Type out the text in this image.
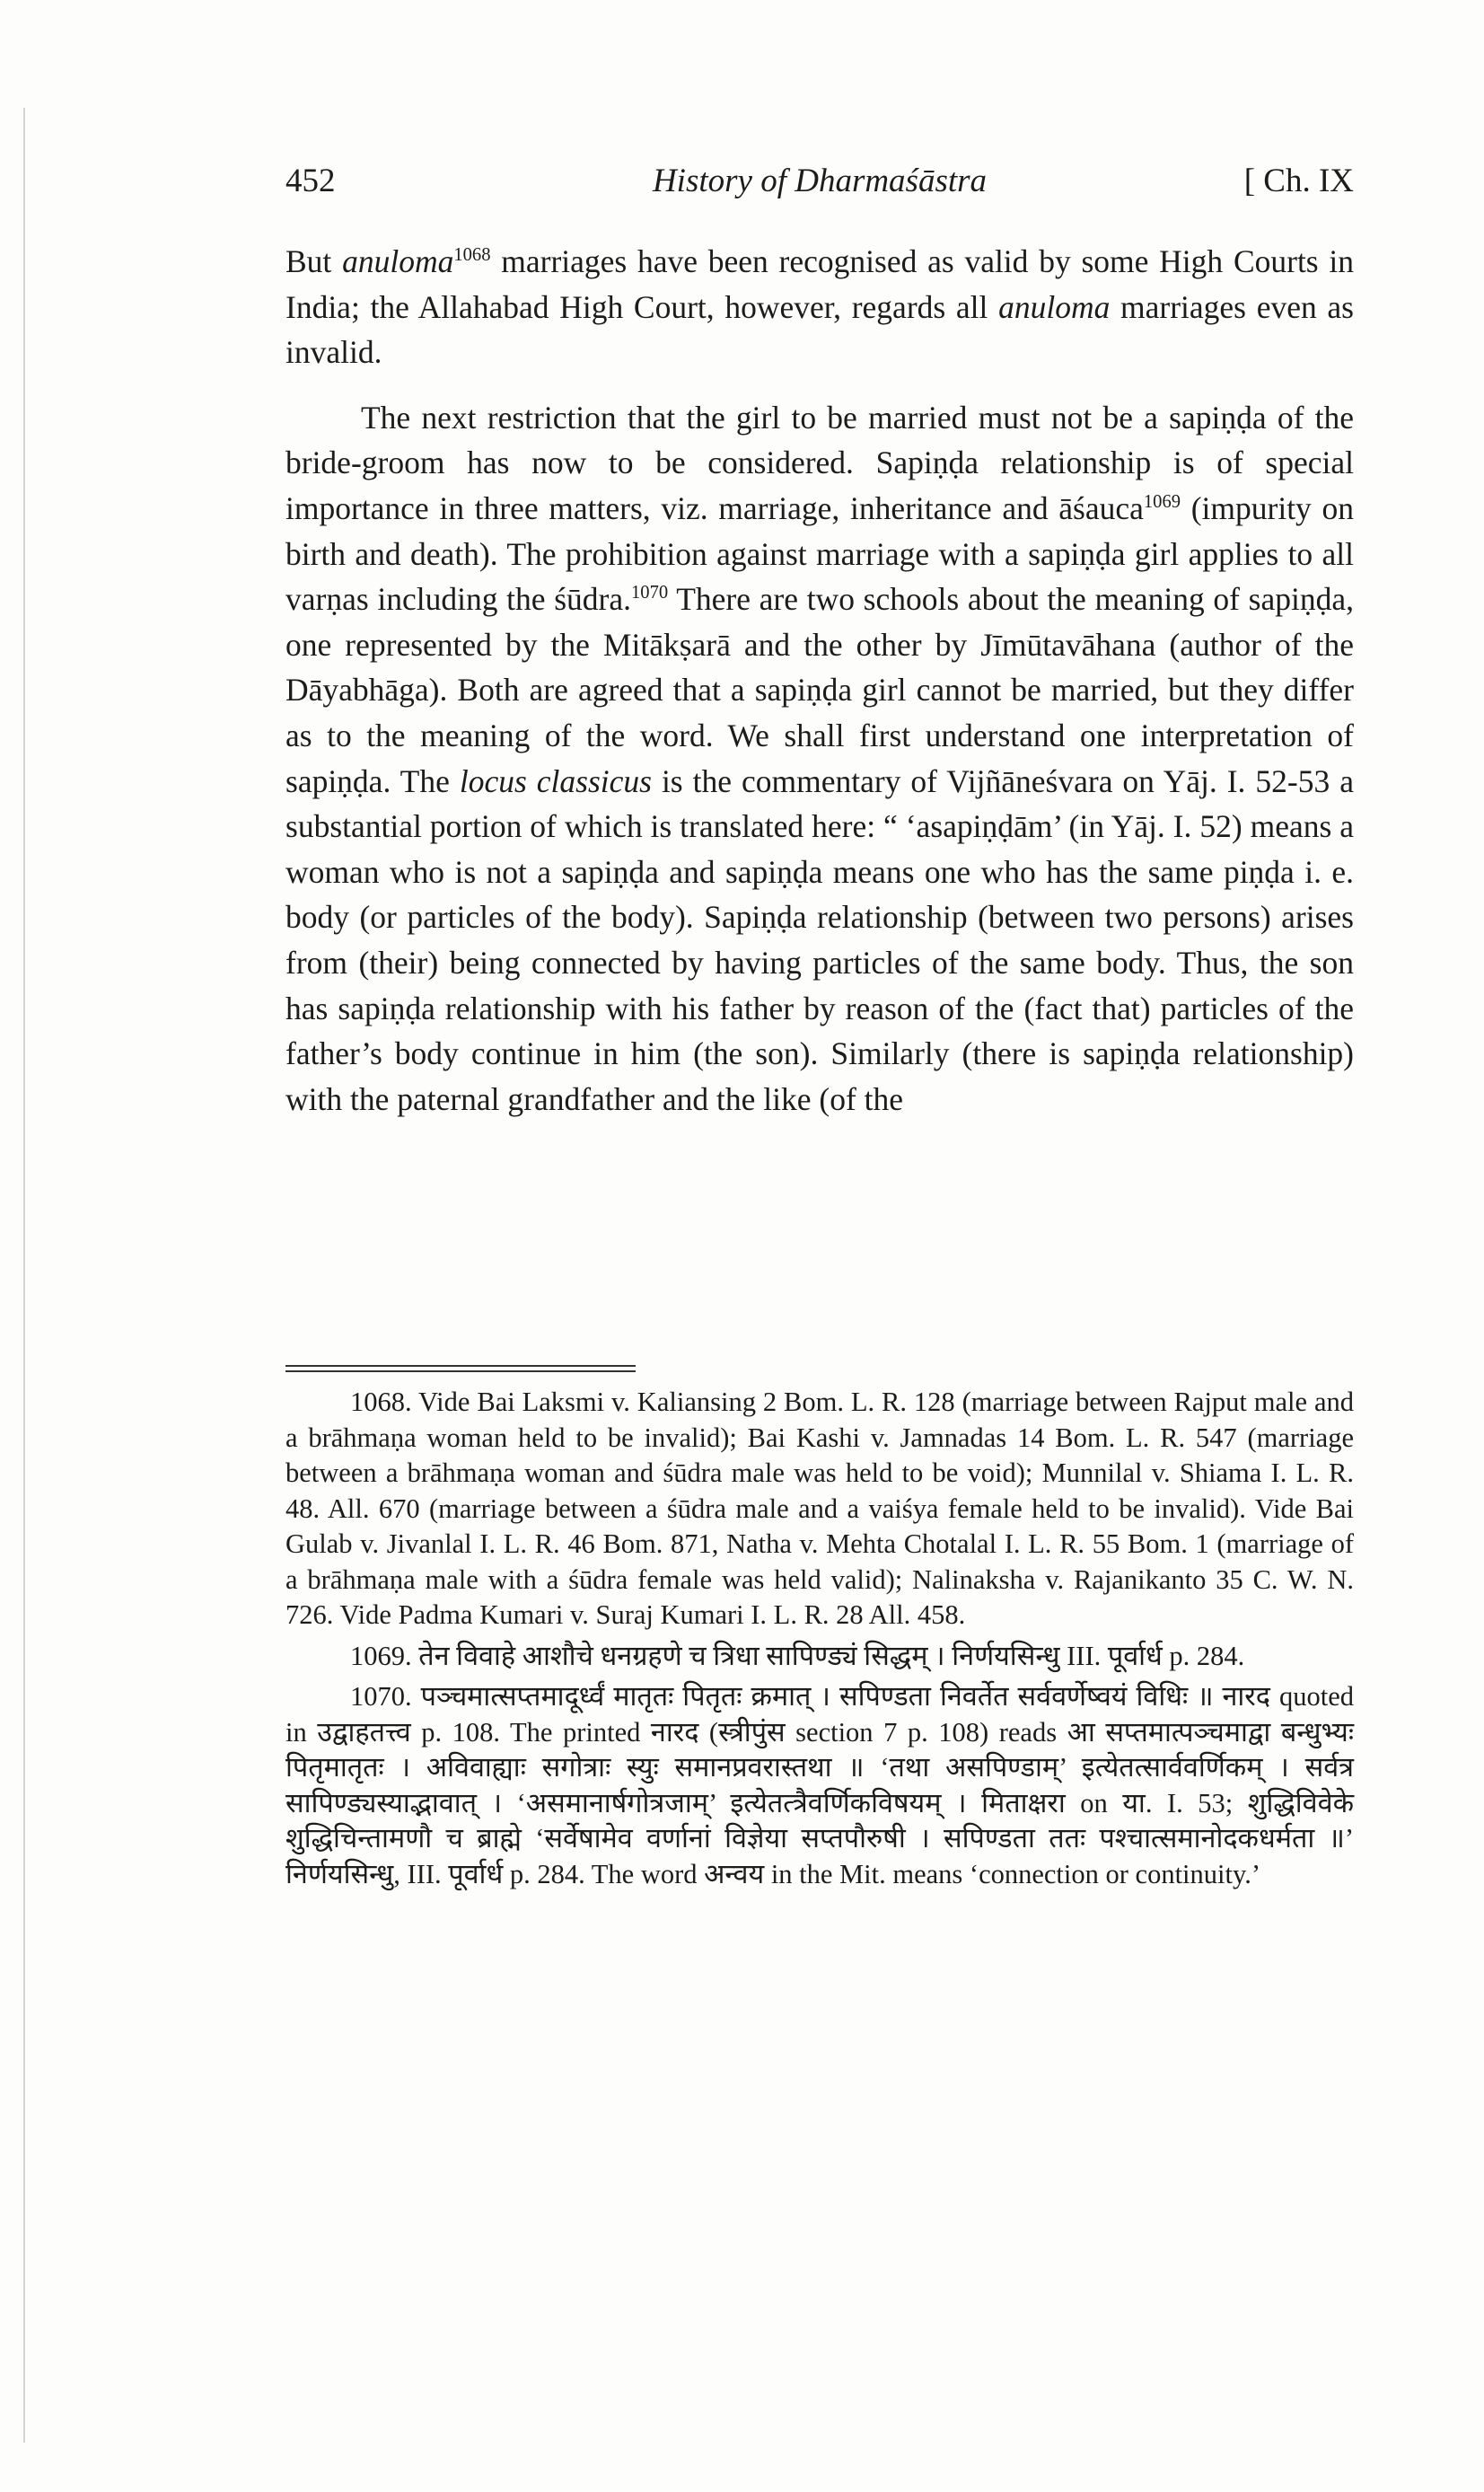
452	History of Dharmaśāstra	[ Ch. IX

But anuloma$^{1068}$ marriages have been recognised as valid by some High Courts in India; the Allahabad High Court, however, regards all anuloma marriages even as invalid.

The next restriction that the girl to be married must not be a sapiṇḍa of the bride-groom has now to be considered. Sapiṇḍa relationship is of special importance in three matters, viz. marriage, inheritance and āśauca$^{1069}$ (impurity on birth and death). The prohibition against marriage with a sapiṇḍa girl applies to all varṇas including the śūdra.$^{1070}$ There are two schools about the meaning of sapiṇḍa, one represented by the Mitākṣarā and the other by Jīmūtavāhana (author of the Dāyabhāga). Both are agreed that a sapiṇḍa girl cannot be married, but they differ as to the meaning of the word. We shall first understand one interpretation of sapiṇḍa. The locus classicus is the commentary of Vijñāneśvara on Yāj. I. 52-53 a substantial portion of which is translated here: “ ‘asapiṇḍām’ (in Yāj. I. 52) means a woman who is not a sapiṇḍa and sapiṇḍa means one who has the same piṇḍa i. e. body (or particles of the body). Sapiṇḍa relationship (between two persons) arises from (their) being connected by having particles of the same body. Thus, the son has sapiṇḍa relationship with his father by reason of the (fact that) particles of the father’s body continue in him (the son). Similarly (there is sapiṇḍa relationship) with the paternal grandfather and the like (of the

1068. Vide Bai Laksmi v. Kaliansing 2 Bom. L. R. 128 (marriage between Rajput male and a brāhmaṇa woman held to be invalid); Bai Kashi v. Jamnadas 14 Bom. L. R. 547 (marriage between a brāhmaṇa woman and śūdra male was held to be void); Munnilal v. Shiama I. L. R. 48. All. 670 (marriage between a śūdra male and a vaiśya female held to be invalid). Vide Bai Gulab v. Jivanlal I. L. R. 46 Bom. 871, Natha v. Mehta Chotalal I. L. R. 55 Bom. 1 (marriage of a brāhmaṇa male with a śūdra female was held valid); Nalinaksha v. Rajanikanto 35 C. W. N. 726. Vide Padma Kumari v. Suraj Kumari I. L. R. 28 All. 458.

1069. तेन विवाहे आशौचे धनग्रहणे च त्रिधा सापिण्ड्यं सिद्धम् । निर्णयसिन्धु III. पूर्वार्ध p. 284.

1070. पञ्चमात्सप्तमादूर्ध्वं मातृतः पितृतः क्रमात् । सपिण्डता निवर्तेत सर्ववर्णेष्वयं विधिः ॥ नारद quoted in उद्वाहतत्त्व p. 108. The printed नारद (स्त्रीपुंस section 7 p. 108) reads आ सप्तमात्पञ्चमाद्वा बन्धुभ्यः पितृमातृतः । अविवाह्याः सगोत्राः स्युः समानप्रवरास्तथा ॥ ‘तथा असपिण्डाम्’ इत्येतत्सार्ववर्णिकम् । सर्वत्र सापिण्ड्यस्याद्भावात् । ‘असमानार्षगोत्रजाम्’ इत्येतत्त्रैवर्णिकविषयम् । मिताक्षरा on या. I. 53; शुद्धिविवेके शुद्धिचिन्तामणौ च ब्राह्मे ‘सर्वेषामेव वर्णानां विज्ञेया सप्तपौरुषी । सपिण्डता ततः पश्चात्समानोदकधर्मता ॥’ निर्णयसिन्धु, III. पूर्वार्ध p. 284. The word अन्वय in the Mit. means ‘connection or continuity.’
